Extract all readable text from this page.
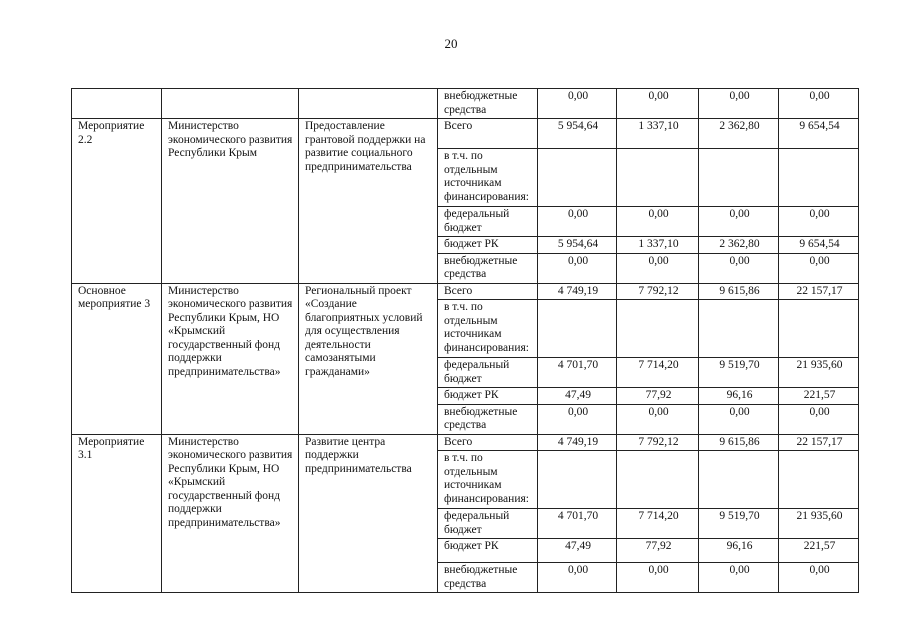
20
			внебюджетные средства	0,00	0,00	0,00	0,00
Мероприятие 2.2	Министерство экономического развития Республики Крым	Предоставление грантовой поддержки на развитие социального предпринимательства	Всего	5 954,64	1 337,10	2 362,80	9 654,54
			в т.ч. по отдельным источникам финансирования:				
			федеральный бюджет	0,00	0,00	0,00	0,00
			бюджет РК	5 954,64	1 337,10	2 362,80	9 654,54
			внебюджетные средства	0,00	0,00	0,00	0,00
Основное мероприятие 3	Министерство экономического развития Республики Крым, НО «Крымский государственный фонд поддержки предпринимательства»	Региональный проект «Создание благоприятных условий для осуществления деятельности самозанятыми гражданами»	Всего	4 749,19	7 792,12	9 615,86	22 157,17
			в т.ч. по отдельным источникам финансирования:				
			федеральный бюджет	4 701,70	7 714,20	9 519,70	21 935,60
			бюджет РК	47,49	77,92	96,16	221,57
			внебюджетные средства	0,00	0,00	0,00	0,00
Мероприятие 3.1	Министерство экономического развития Республики Крым, НО «Крымский государственный фонд поддержки предпринимательства»	Развитие центра поддержки предпринимательства	Всего	4 749,19	7 792,12	9 615,86	22 157,17
			в т.ч. по отдельным источникам финансирования:				
			федеральный бюджет	4 701,70	7 714,20	9 519,70	21 935,60
			бюджет РК	47,49	77,92	96,16	221,57
			внебюджетные средства	0,00	0,00	0,00	0,00
